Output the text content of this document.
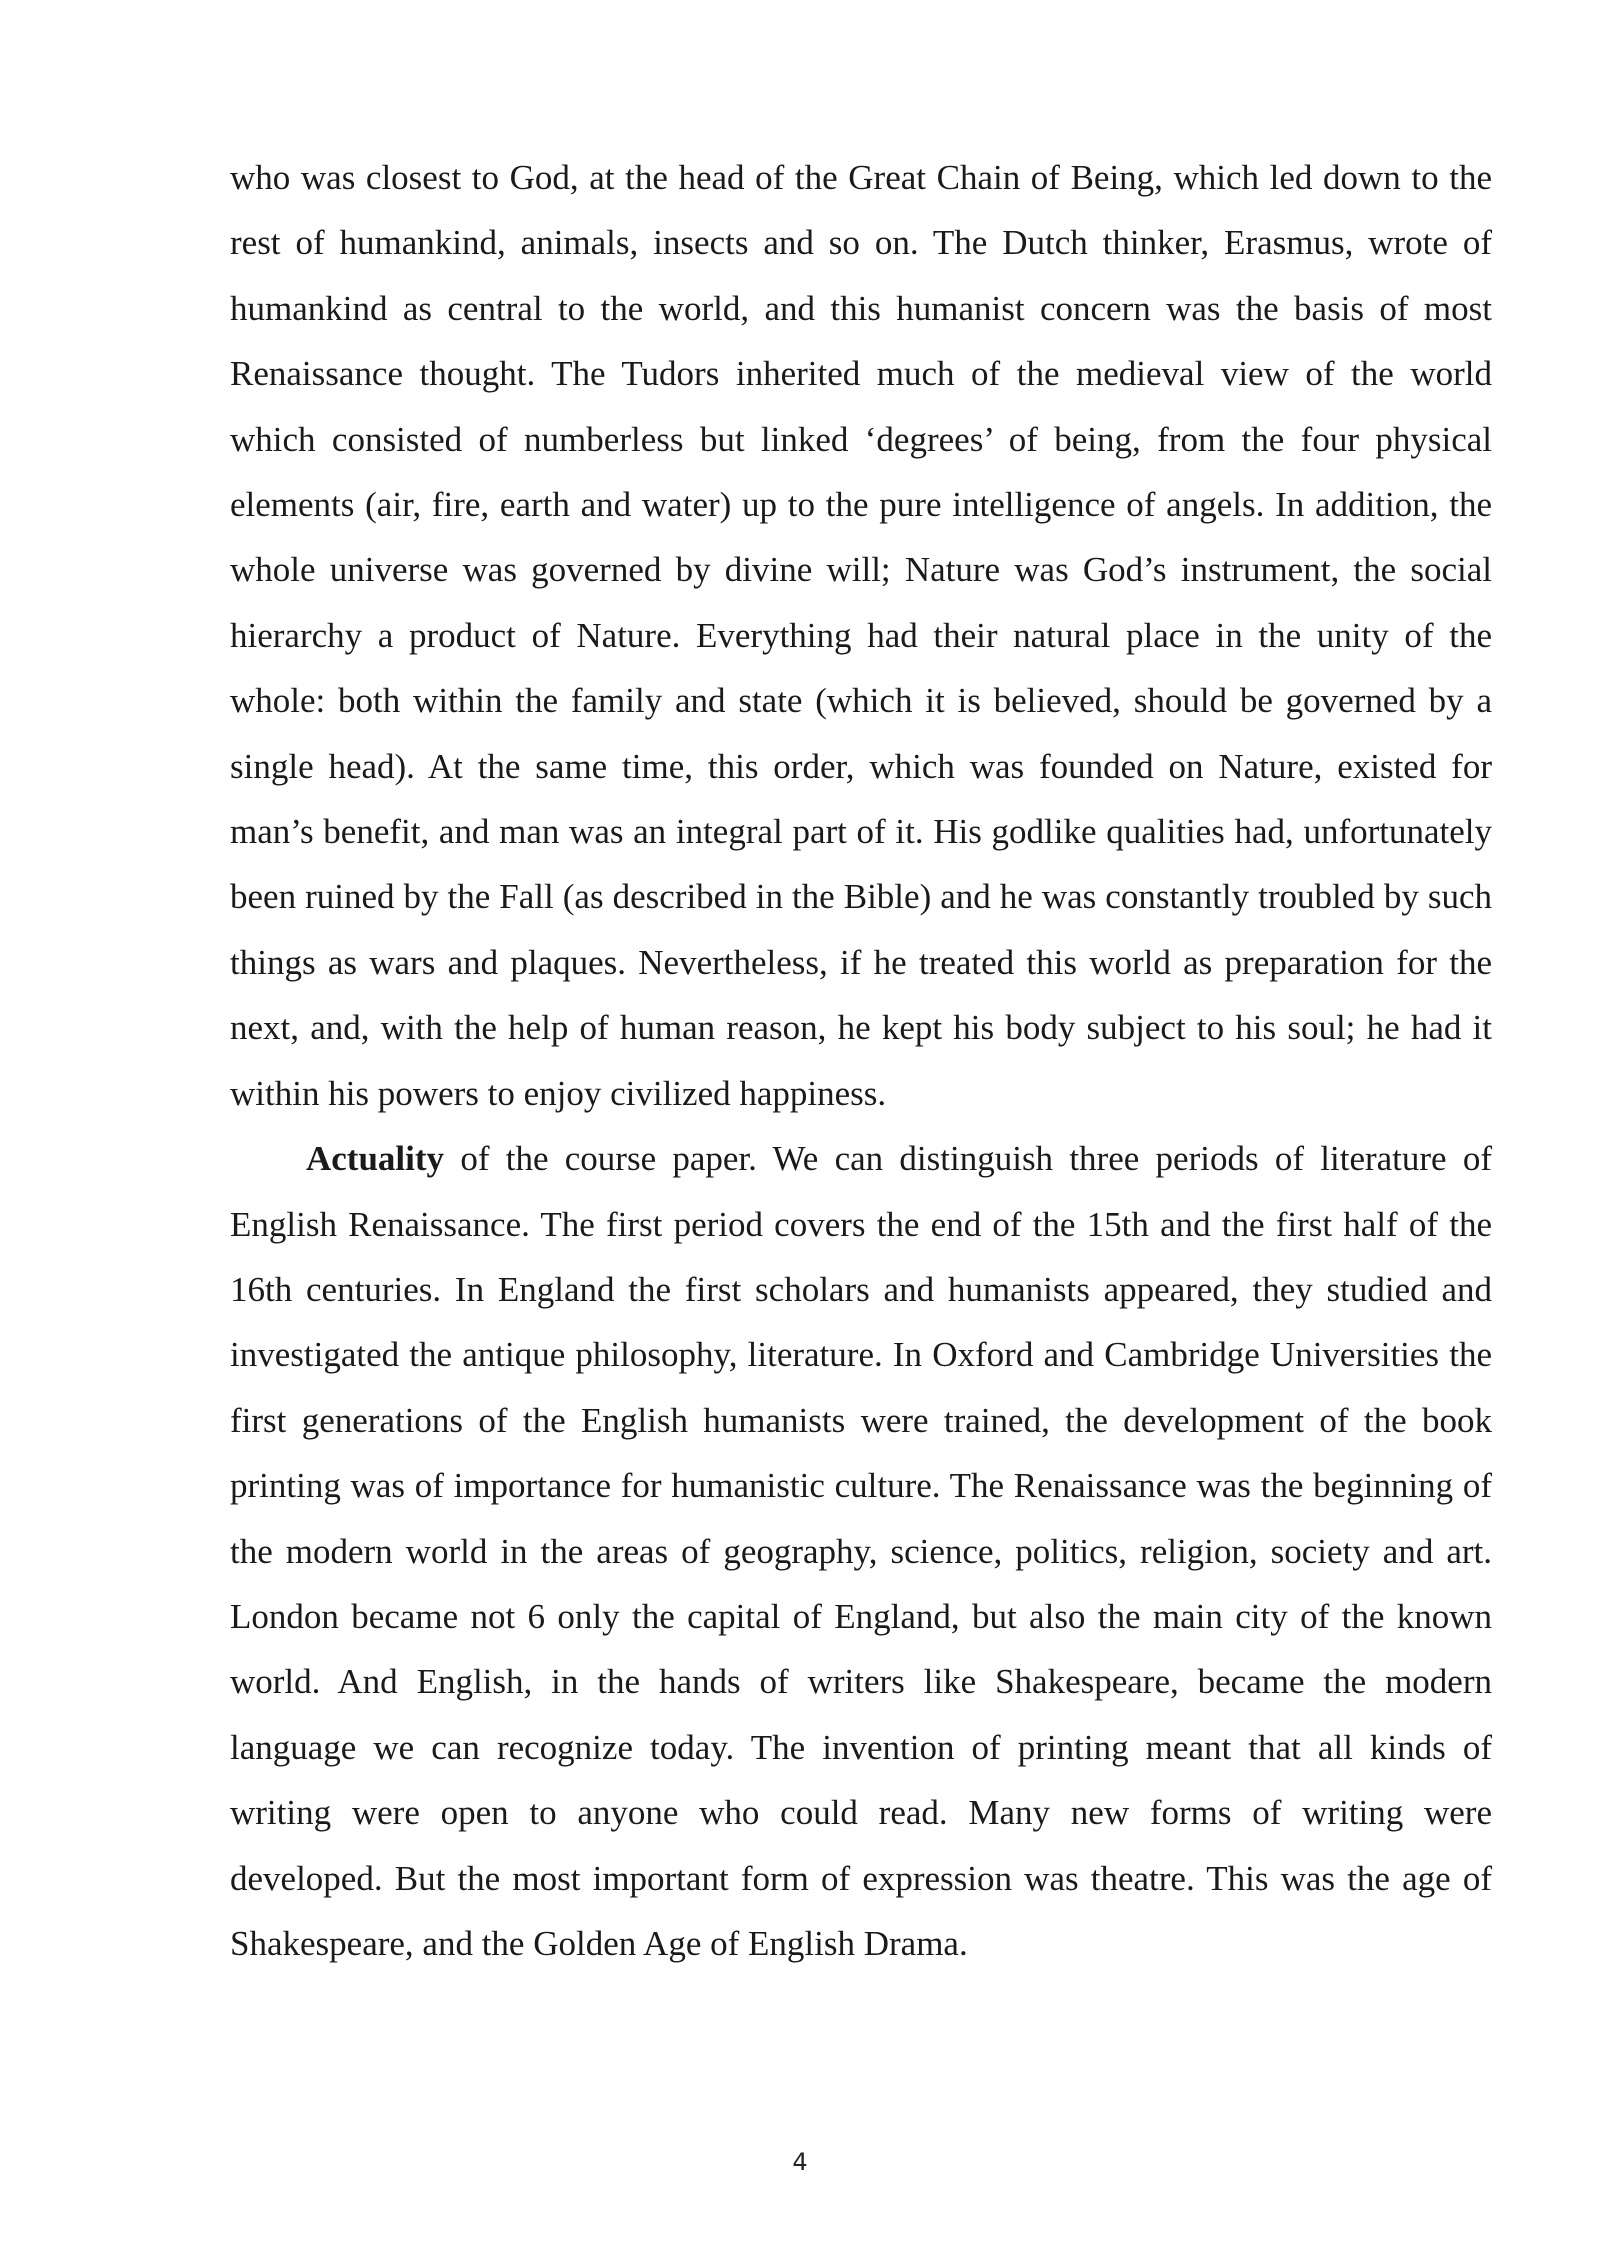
who was closest to God, at the head of the Great Chain of Being, which led down to the rest of humankind, animals, insects and so on. The Dutch thinker, Erasmus, wrote of humankind as central to the world, and this humanist concern was the basis of most Renaissance thought. The Tudors inherited much of the medieval view of the world which consisted of numberless but linked ‘degrees’ of being, from the four physical elements (air, fire, earth and water) up to the pure intelligence of angels. In addition, the whole universe was governed by divine will; Nature was God’s instrument, the social hierarchy a product of Nature. Everything had their natural place in the unity of the whole: both within the family and state (which it is believed, should be governed by a single head). At the same time, this order, which was founded on Nature, existed for man’s benefit, and man was an integral part of it. His godlike qualities had, unfortunately been ruined by the Fall (as described in the Bible) and he was constantly troubled by such things as wars and plaques. Nevertheless, if he treated this world as preparation for the next, and, with the help of human reason, he kept his body subject to his soul; he had it within his powers to enjoy civilized happiness.

Actuality of the course paper. We can distinguish three periods of literature of English Renaissance. The first period covers the end of the 15th and the first half of the 16th centuries. In England the first scholars and humanists appeared, they studied and investigated the antique philosophy, literature. In Oxford and Cambridge Universities the first generations of the English humanists were trained, the development of the book printing was of importance for humanistic culture. The Renaissance was the beginning of the modern world in the areas of geography, science, politics, religion, society and art. London became not 6 only the capital of England, but also the main city of the known world. And English, in the hands of writers like Shakespeare, became the modern language we can recognize today. The invention of printing meant that all kinds of writing were open to anyone who could read. Many new forms of writing were developed. But the most important form of expression was theatre. This was the age of Shakespeare, and the Golden Age of English Drama.

4
